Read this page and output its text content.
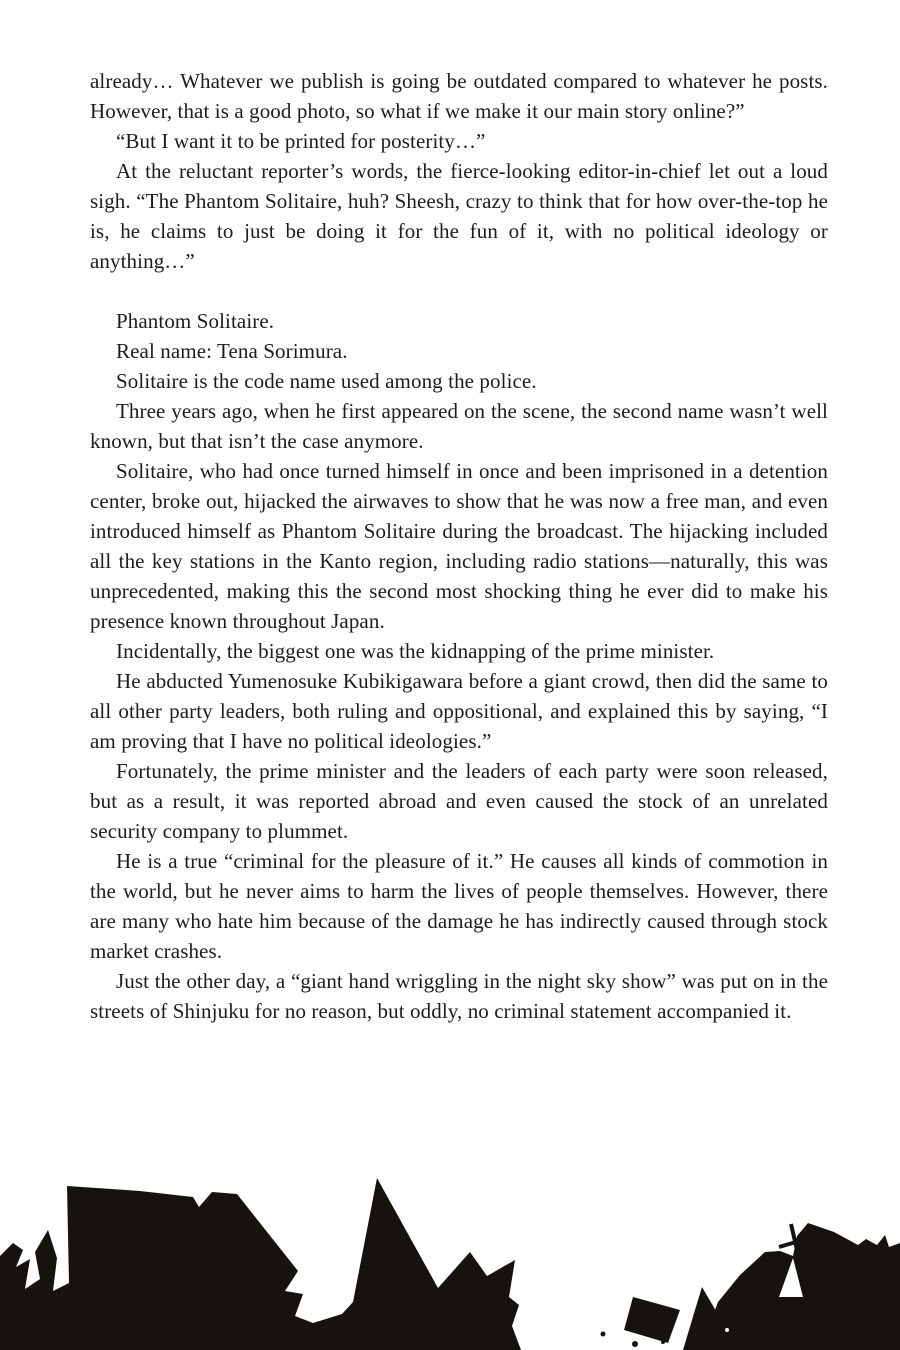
already… Whatever we publish is going be outdated compared to whatever he posts. However, that is a good photo, so what if we make it our main story online?”

“But I want it to be printed for posterity…”

At the reluctant reporter’s words, the fierce-looking editor-in-chief let out a loud sigh. “The Phantom Solitaire, huh? Sheesh, crazy to think that for how over-the-top he is, he claims to just be doing it for the fun of it, with no political ideology or anything…”

Phantom Solitaire.

Real name: Tena Sorimura.

Solitaire is the code name used among the police.

Three years ago, when he first appeared on the scene, the second name wasn’t well known, but that isn’t the case anymore.

Solitaire, who had once turned himself in once and been imprisoned in a detention center, broke out, hijacked the airwaves to show that he was now a free man, and even introduced himself as Phantom Solitaire during the broadcast. The hijacking included all the key stations in the Kanto region, including radio stations—naturally, this was unprecedented, making this the second most shocking thing he ever did to make his presence known throughout Japan.

Incidentally, the biggest one was the kidnapping of the prime minister.

He abducted Yumenosuke Kubikigawara before a giant crowd, then did the same to all other party leaders, both ruling and oppositional, and explained this by saying, “I am proving that I have no political ideologies.”

Fortunately, the prime minister and the leaders of each party were soon released, but as a result, it was reported abroad and even caused the stock of an unrelated security company to plummet.

He is a true “criminal for the pleasure of it.” He causes all kinds of commotion in the world, but he never aims to harm the lives of people themselves. However, there are many who hate him because of the damage he has indirectly caused through stock market crashes.

Just the other day, a “giant hand wriggling in the night sky show” was put on in the streets of Shinjuku for no reason, but oddly, no criminal statement accompanied it.
